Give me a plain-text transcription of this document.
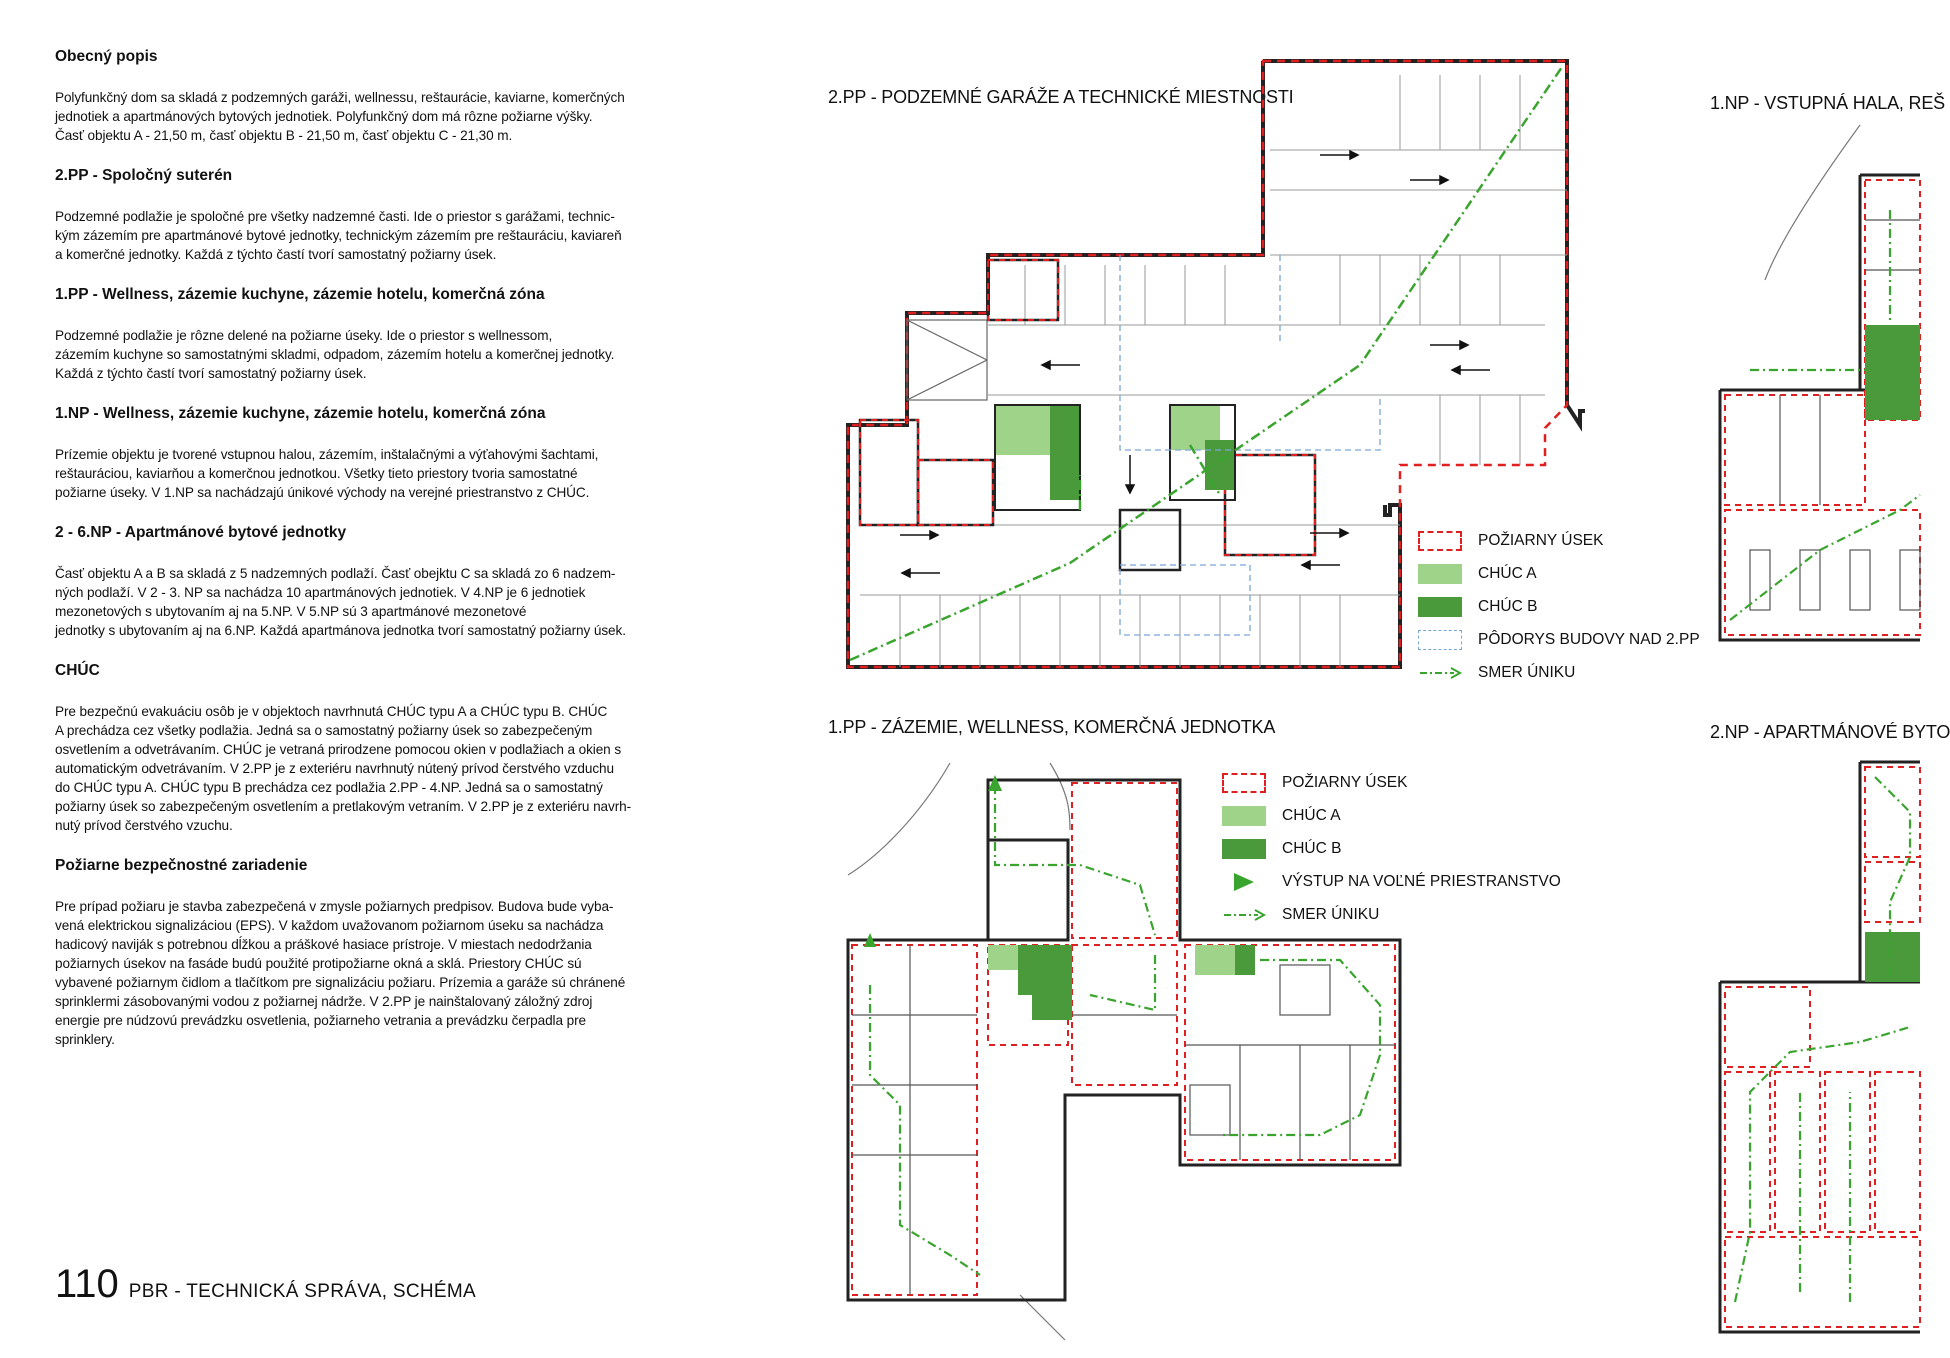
Obecný popis
Polyfunkčný dom sa skladá z podzemných garáži, wellnessu, reštaurácie, kaviarne, komerčných
jednotiek a apartmánových bytových jednotiek. Polyfunkčný dom má rôzne požiarne výšky.
Časť objektu A - 21,50 m, časť objektu B - 21,50 m, časť objektu C - 21,30 m.
2.PP - Spoločný suterén
Podzemné podlažie je spoločné pre všetky nadzemné časti. Ide o priestor s garážami, technic-
kým zázemím pre apartmánové bytové jednotky, technickým zázemím pre reštauráciu, kaviareň
a komerčné jednotky. Každá z týchto častí tvorí samostatný požiarny úsek.
1.PP - Wellness, zázemie kuchyne, zázemie hotelu, komerčná zóna
Podzemné podlažie je rôzne delené na požiarne úseky. Ide o priestor s wellnessom,
zázemím kuchyne so samostatnými skladmi, odpadom, zázemím hotelu a komerčnej jednotky.
Každá z týchto častí tvorí samostatný požiarny úsek.
1.NP - Wellness, zázemie kuchyne, zázemie hotelu, komerčná zóna
Prízemie objektu je tvorené vstupnou halou, zázemím, inštalačnými a výťahovými šachtami,
reštauráciou, kaviarňou a komerčnou jednotkou. Všetky tieto priestory tvoria samostatné
požiarne úseky. V 1.NP sa nachádzajú únikové východy na verejné priestranstvo z CHÚC.
2 - 6.NP - Apartmánové bytové jednotky
Časť objektu A a B sa skladá z 5 nadzemných podlaží. Časť obejktu C sa skladá zo 6 nadzem-
ných podlaží. V 2 - 3. NP sa nachádza 10 apartmánových jednotiek. V 4.NP je 6 jednotiek
mezonetových s ubytovaním aj na 5.NP. V 5.NP sú 3 apartmánové mezonetové
jednotky s ubytovaním aj na 6.NP. Každá apartmánova jednotka tvorí samostatný požiarny úsek.
CHÚC
Pre bezpečnú evakuáciu osôb je v objektoch navrhnutá CHÚC typu A a CHÚC typu B. CHÚC
A prechádza cez všetky podlažia. Jedná sa o samostatný požiarny úsek so zabezpečeným
osvetlením a odvetrávaním. CHÚC je vetraná prirodzene pomocou okien v podlažiach a okien s
automatickým odvetrávaním. V 2.PP je z exteriéru navrhnutý nútený prívod čerstvého vzduchu
do CHÚC typu A. CHÚC typu B prechádza cez podlažia 2.PP - 4.NP. Jedná sa o samostatný
požiarny úsek so zabezpečeným osvetlením a pretlakovým vetraním. V 2.PP je z exteriéru navrh-
nutý prívod čerstvého vzuchu.
Požiarne bezpečnostné zariadenie
Pre prípad požiaru je stavba zabezpečená v zmysle požiarnych predpisov. Budova bude vyba-
vená elektrickou signalizáciou (EPS). V každom uvažovanom požiarnom úseku sa nachádza
hadicový naviják s potrebnou dĺžkou a práškové hasiace prístroje. V miestach nedodržania
požiarnych úsekov na fasáde budú použité protipožiarne okná a sklá. Priestory CHÚC sú
vybavené požiarnym čidlom a tlačítkom pre signalizáciu požiaru. Prízemia a garáže sú chránené
sprinklermi zásobovanými vodou z požiarnej nádrže. V 2.PP je nainštalovaný záložný zdroj
energie pre núdzovú prevádzku osvetlenia, požiarneho vetrania a prevádzku čerpadla pre
sprinklery.
110 PBR - TECHNICKÁ SPRÁVA, SCHÉMA
2.PP - PODZEMNÉ GARÁŽE A TECHNICKÉ MIESTNOSTI
1.PP - ZÁZEMIE, WELLNESS, KOMERČNÁ JEDNOTKA
1.NP - VSTUPNÁ HALA, REŠ
2.NP - APARTMÁNOVÉ BYTO
POŽIARNY ÚSEK
CHÚC A
CHÚC B
PÔDORYS BUDOVY NAD 2.PP
SMER ÚNIKU
POŽIARNY ÚSEK
CHÚC A
CHÚC B
VÝSTUP NA VOĽNÉ PRIESTRANSTVO
SMER ÚNIKU
